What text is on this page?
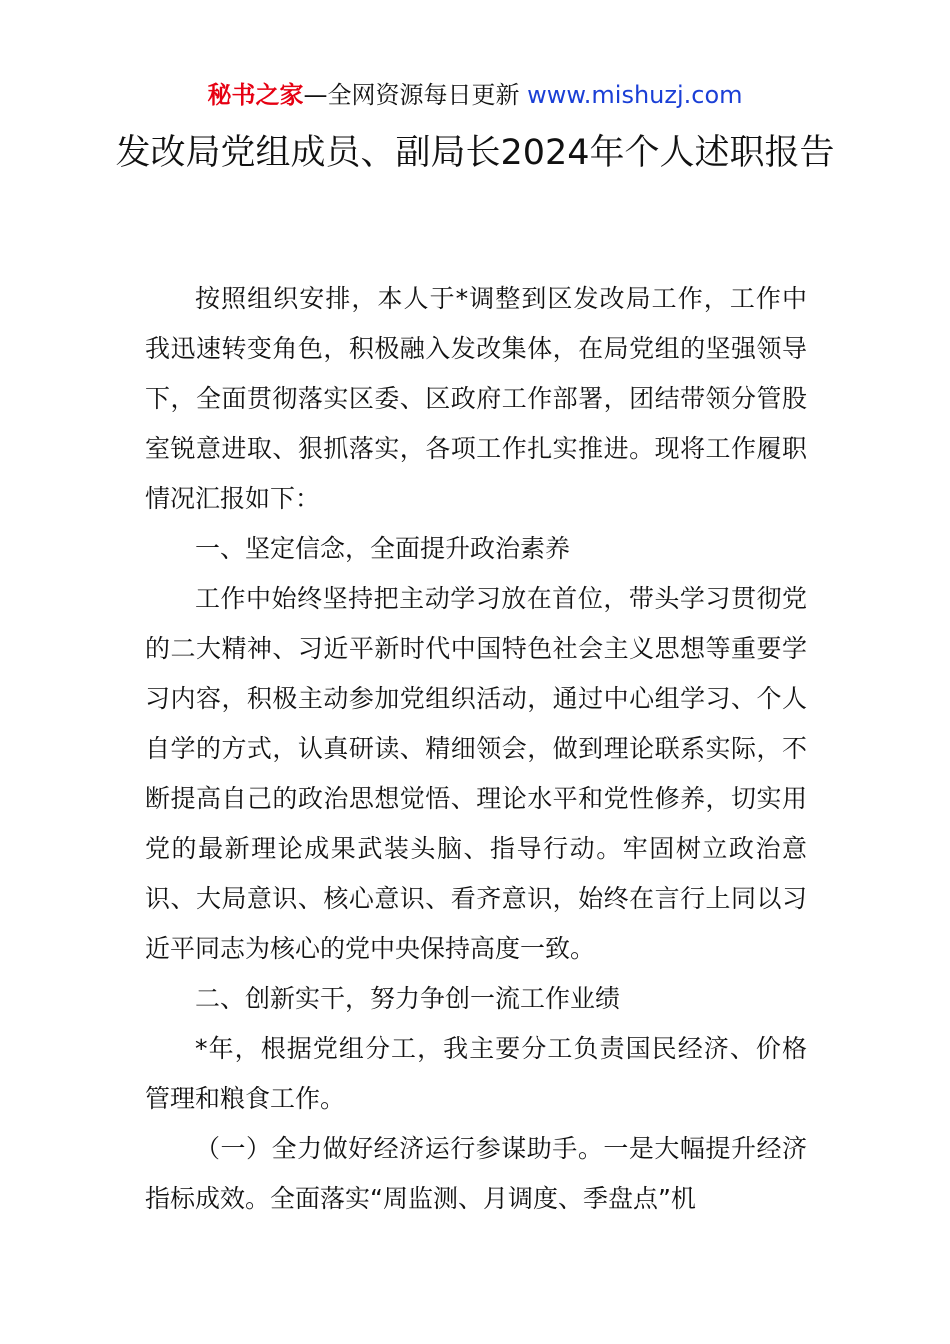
秘书之家—全网资源每日更新 www.mishuzj.com
发改局党组成员、副局长2024年个人述职报告

按照组织安排，本人于*调整到区发改局工作，工作中我迅速转变角色，积极融入发改集体，在局党组的坚强领导下，全面贯彻落实区委、区政府工作部署，团结带领分管股室锐意进取、狠抓落实，各项工作扎实推进。现将工作履职情况汇报如下：

一、坚定信念，全面提升政治素养

工作中始终坚持把主动学习放在首位，带头学习贯彻党的二大精神、习近平新时代中国特色社会主义思想等重要学习内容，积极主动参加党组织活动，通过中心组学习、个人自学的方式，认真研读、精细领会，做到理论联系实际，不断提高自己的政治思想觉悟、理论水平和党性修养，切实用党的最新理论成果武装头脑、指导行动。牢固树立政治意识、大局意识、核心意识、看齐意识，始终在言行上同以习近平同志为核心的党中央保持高度一致。

二、创新实干，努力争创一流工作业绩

*年，根据党组分工，我主要分工负责国民经济、价格管理和粮食工作。

（一）全力做好经济运行参谋助手。一是大幅提升经济指标成效。全面落实“周监测、月调度、季盘点”机
